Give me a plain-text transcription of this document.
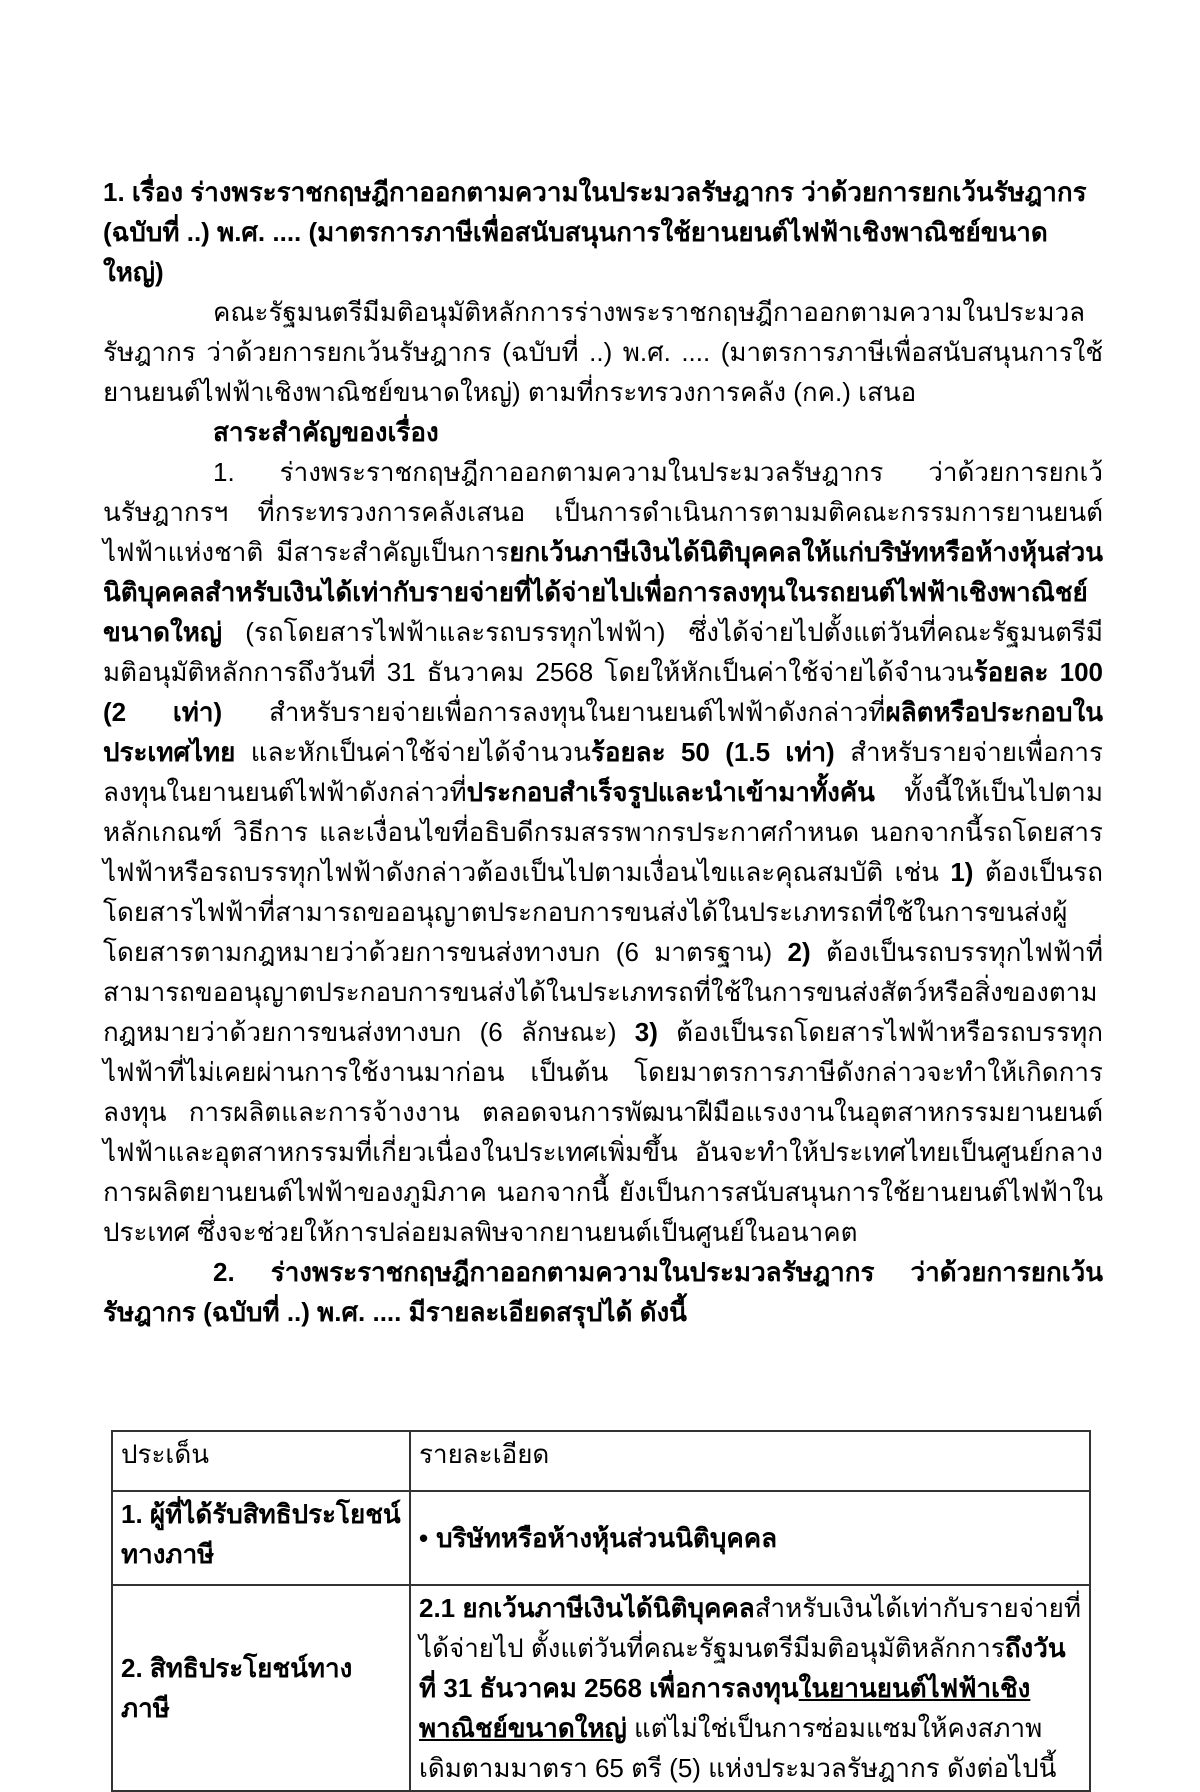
1. เรื่อง ร่างพระราชกฤษฎีกาออกตามความในประมวลรัษฎากร ว่าด้วยการยกเว้นรัษฎากร (ฉบับที่ ..) พ.ศ. .... (มาตรการภาษีเพื่อสนับสนุนการใช้ยานยนต์ไฟฟ้าเชิงพาณิชย์ขนาดใหญ่)

คณะรัฐมนตรีมีมติอนุมัติหลักการร่างพระราชกฤษฎีกาออกตามความในประมวลรัษฎากร ว่าด้วยการยกเว้นรัษฎากร (ฉบับที่ ..) พ.ศ. .... (มาตรการภาษีเพื่อสนับสนุนการใช้ยานยนต์ไฟฟ้าเชิงพาณิชย์ขนาดใหญ่) ตามที่กระทรวงการคลัง (กค.) เสนอ

สาระสำคัญของเรื่อง

1. ร่างพระราชกฤษฎีกาออกตามความในประมวลรัษฎากร ว่าด้วยการยกเว้นรัษฎากรฯ ที่กระทรวงการคลังเสนอ เป็นการดำเนินการตามมติคณะกรรมการยานยนต์ไฟฟ้าแห่งชาติ มีสาระสำคัญเป็นการยกเว้นภาษีเงินได้นิติบุคคลให้แก่บริษัทหรือห้างหุ้นส่วนนิติบุคคลสำหรับเงินได้เท่ากับรายจ่ายที่ได้จ่ายไปเพื่อการลงทุนในรถยนต์ไฟฟ้าเชิงพาณิชย์ขนาดใหญ่ (รถโดยสารไฟฟ้าและรถบรรทุกไฟฟ้า) ซึ่งได้จ่ายไปตั้งแต่วันที่คณะรัฐมนตรีมีมติอนุมัติหลักการถึงวันที่ 31 ธันวาคม 2568 โดยให้หักเป็นค่าใช้จ่ายได้จำนวนร้อยละ 100 (2 เท่า) สำหรับรายจ่ายเพื่อการลงทุนในยานยนต์ไฟฟ้าดังกล่าวที่ผลิตหรือประกอบในประเทศไทย และหักเป็นค่าใช้จ่ายได้จำนวนร้อยละ 50 (1.5 เท่า) สำหรับรายจ่ายเพื่อการลงทุนในยานยนต์ไฟฟ้าดังกล่าวที่ประกอบสำเร็จรูปและนำเข้ามาทั้งคัน ทั้งนี้ให้เป็นไปตามหลักเกณฑ์ วิธีการ และเงื่อนไขที่อธิบดีกรมสรรพากรประกาศกำหนด นอกจากนี้รถโดยสารไฟฟ้าหรือรถบรรทุกไฟฟ้าดังกล่าวต้องเป็นไปตามเงื่อนไขและคุณสมบัติ เช่น 1) ต้องเป็นรถโดยสารไฟฟ้าที่สามารถขออนุญาตประกอบการขนส่งได้ในประเภทรถที่ใช้ในการขนส่งผู้โดยสารตามกฎหมายว่าด้วยการขนส่งทางบก (6 มาตรฐาน) 2) ต้องเป็นรถบรรทุกไฟฟ้าที่สามารถขออนุญาตประกอบการขนส่งได้ในประเภทรถที่ใช้ในการขนส่งสัตว์หรือสิ่งของตามกฎหมายว่าด้วยการขนส่งทางบก (6 ลักษณะ) 3) ต้องเป็นรถโดยสารไฟฟ้าหรือรถบรรทุกไฟฟ้าที่ไม่เคยผ่านการใช้งานมาก่อน เป็นต้น โดยมาตรการภาษีดังกล่าวจะทำให้เกิดการลงทุน การผลิตและการจ้างงาน ตลอดจนการพัฒนาฝีมือแรงงานในอุตสาหกรรมยานยนต์ไฟฟ้าและอุตสาหกรรมที่เกี่ยวเนื่องในประเทศเพิ่มขึ้น อันจะทำให้ประเทศไทยเป็นศูนย์กลางการผลิตยานยนต์ไฟฟ้าของภูมิภาค นอกจากนี้ ยังเป็นการสนับสนุนการใช้ยานยนต์ไฟฟ้าในประเทศ ซึ่งจะช่วยให้การปล่อยมลพิษจากยานยนต์เป็นศูนย์ในอนาคต

2. ร่างพระราชกฤษฎีกาออกตามความในประมวลรัษฎากร ว่าด้วยการยกเว้นรัษฎากร (ฉบับที่ ..) พ.ศ. .... มีรายละเอียดสรุปได้ ดังนี้

ประเด็น	รายละเอียด
1. ผู้ที่ได้รับสิทธิประโยชน์ทางภาษี	• บริษัทหรือห้างหุ้นส่วนนิติบุคคล
2. สิทธิประโยชน์ทางภาษี	2.1 ยกเว้นภาษีเงินได้นิติบุคคลสำหรับเงินได้เท่ากับรายจ่ายที่ได้จ่ายไป ตั้งแต่วันที่คณะรัฐมนตรีมีมติอนุมัติหลักการถึงวันที่ 31 ธันวาคม 2568 เพื่อการลงทุนในยานยนต์ไฟฟ้าเชิงพาณิชย์ขนาดใหญ่ แต่ไม่ใช่เป็นการซ่อมแซมให้คงสภาพเดิมตามมาตรา 65 ตรี (5) แห่งประมวลรัษฎากร ดังต่อไปนี้
